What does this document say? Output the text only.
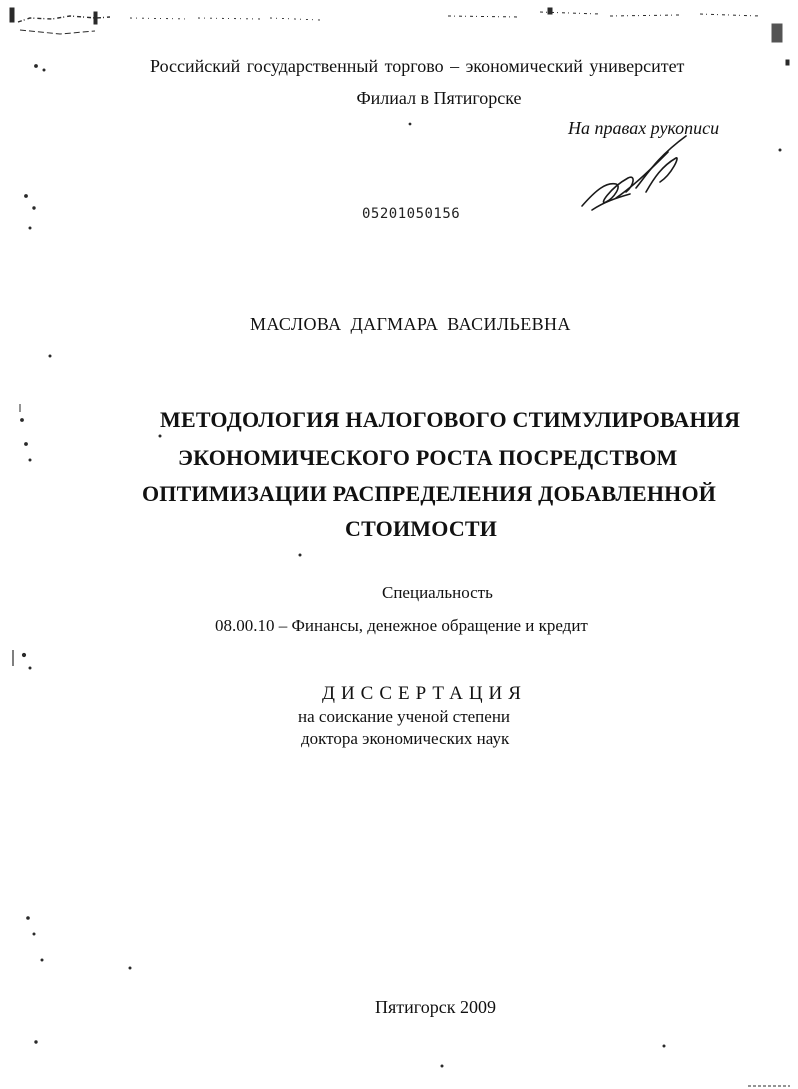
Российский государственный торгово – экономический университет
Филиал в Пятигорске
На правах рукописи
05201050156
МАСЛОВА ДАГМАРА ВАСИЛЬЕВНА
МЕТОДОЛОГИЯ НАЛОГОВОГО СТИМУЛИРОВАНИЯ
ЭКОНОМИЧЕСКОГО РОСТА ПОСРЕДСТВОМ
ОПТИМИЗАЦИИ РАСПРЕДЕЛЕНИЯ ДОБАВЛЕННОЙ
СТОИМОСТИ
Специальность
08.00.10 – Финансы, денежное обращение и кредит
ДИССЕРТАЦИЯ
на соискание ученой степени
доктора экономических наук
Пятигорск 2009
